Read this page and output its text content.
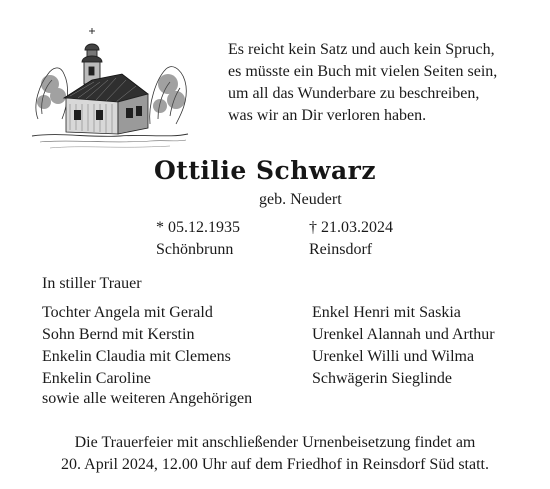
Es reicht kein Satz und auch kein Spruch,
es müsste ein Buch mit vielen Seiten sein,
um all das Wunderbare zu beschreiben,
was wir an Dir verloren haben.
Ottilie Schwarz
geb. Neudert
* 05.12.1935
Schönbrunn
† 21.03.2024
Reinsdorf
In stiller Trauer
Tochter Angela mit Gerald
Sohn Bernd mit Kerstin
Enkelin Claudia mit Clemens
Enkelin Caroline
Enkel Henri mit Saskia
Urenkel Alannah und Arthur
Urenkel Willi und Wilma
Schwägerin Sieglinde
sowie alle weiteren Angehörigen
Die Trauerfeier mit anschließender Urnenbeisetzung findet am
20. April 2024, 12.00 Uhr auf dem Friedhof in Reinsdorf Süd statt.
